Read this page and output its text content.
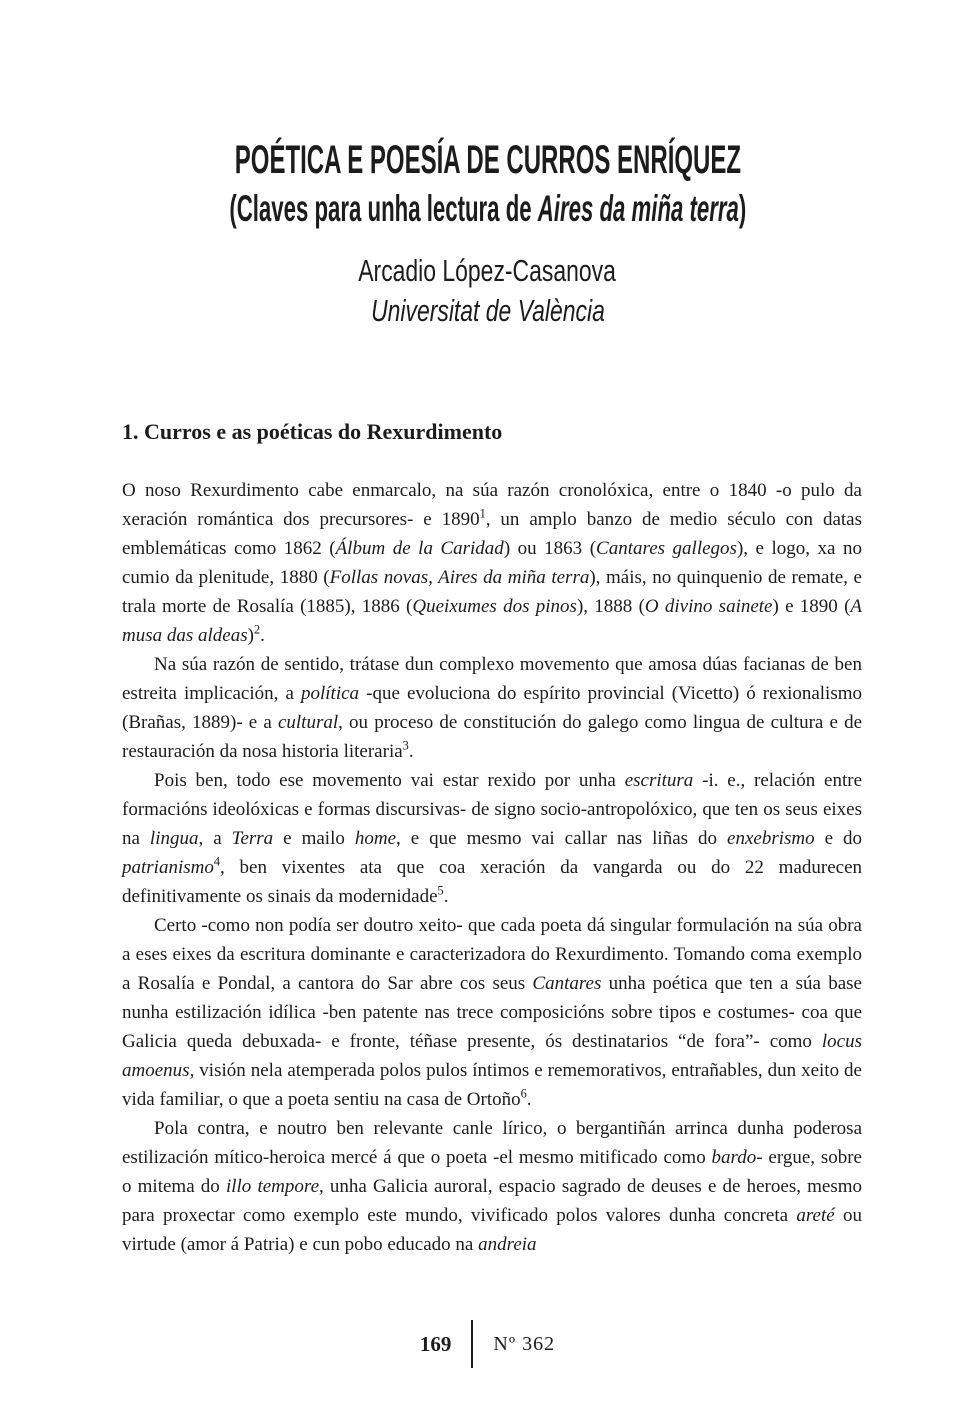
POÉTICA E POESÍA DE CURROS ENRÍQUEZ
(Claves para unha lectura de Aires da miña terra)
Arcadio López-Casanova
Universitat de València
1. Curros e as poéticas do Rexurdimento

O noso Rexurdimento cabe enmarcalo, na súa razón cronolóxica, entre o 1840 -o pulo da xeración romántica dos precursores- e 1890$^1$, un amplo banzo de medio século con datas emblemáticas como 1862 (Álbum de la Caridad) ou 1863 (Cantares gallegos), e logo, xa no cumio da plenitude, 1880 (Follas novas, Aires da miña terra), máis, no quinquenio de remate, e trala morte de Rosalía (1885), 1886 (Queixumes dos pinos), 1888 (O divino sainete) e 1890 (A musa das aldeas)$^2$.

Na súa razón de sentido, trátase dun complexo movemento que amosa dúas facianas de ben estreita implicación, a política -que evoluciona do espírito provincial (Vicetto) ó rexionalismo (Brañas, 1889)- e a cultural, ou proceso de constitución do galego como lingua de cultura e de restauración da nosa historia literaria$^3$.

Pois ben, todo ese movemento vai estar rexido por unha escritura -i. e., relación entre formacións ideolóxicas e formas discursivas- de signo socio-antropolóxico, que ten os seus eixes na lingua, a Terra e mailo home, e que mesmo vai callar nas liñas do enxebrismo e do patrianismo$^4$, ben vixentes ata que coa xeración da vangarda ou do 22 madurecen definitivamente os sinais da modernidade$^5$.

Certo -como non podía ser doutro xeito- que cada poeta dá singular formulación na súa obra a eses eixes da escritura dominante e caracterizadora do Rexurdimento. Tomando coma exemplo a Rosalía e Pondal, a cantora do Sar abre cos seus Cantares unha poética que ten a súa base nunha estilización idílica -ben patente nas trece composicións sobre tipos e costumes- coa que Galicia queda debuxada- e fronte, téñase presente, ós destinatarios “de fora”- como locus amoenus, visión nela atemperada polos pulos íntimos e rememorativos, entrañables, dun xeito de vida familiar, o que a poeta sentiu na casa de Ortoño$^6$.

Pola contra, e noutro ben relevante canle lírico, o bergantiñán arrinca dunha poderosa estilización mítico-heroica mercé á que o poeta -el mesmo mitificado como bardo- ergue, sobre o mitema do illo tempore, unha Galicia auroral, espacio sagrado de deuses e de heroes, mesmo para proxectar como exemplo este mundo, vivificado polos valores dunha concreta areté ou virtude (amor á Patria) e cun pobo educado na andreia

169 Nº 362
